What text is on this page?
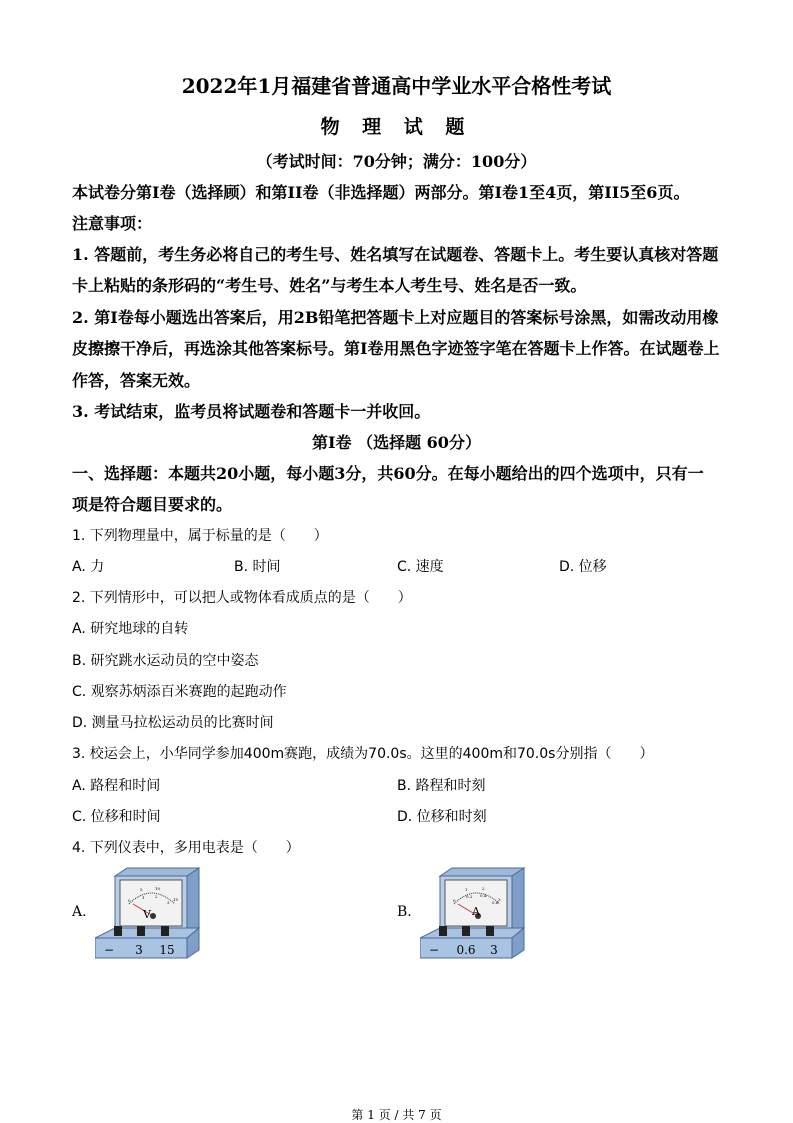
2022年1月福建省普通高中学业水平合格性考试
物 理 试 题
（考试时间：70分钟；满分：100分）
本试卷分第I卷（选择顾）和第II卷（非选择题）两部分。第I卷1至4页，第II5至6页。
注意事项：
1. 答题前，考生务必将自己的考生号、姓名填写在试题卷、答题卡上。考生要认真核对答题
卡上粘贴的条形码的“考生号、姓名”与考生本人考生号、姓名是否一致。
2. 第I卷每小题选出答案后，用2B铅笔把答题卡上对应题目的答案标号涂黑，如需改动用橡
皮擦擦干净后，再选涂其他答案标号。第I卷用黑色字迹签字笔在答题卡上作答。在试题卷上
作答，答案无效。
3. 考试结束，监考员将试题卷和答题卡一并收回。
第I卷 （选择题 60分）
一、选择题：本题共20小题，每小题3分，共60分。在每小题给出的四个选项中，只有一
项是符合题目要求的。
1. 下列物理量中，属于标量的是（　　）
A. 力	B. 时间	C. 速度	D. 位移
2. 下列情形中，可以把人或物体看成质点的是（　　）
A. 研究地球的自转
B. 研究跳水运动员的空中姿态
C. 观察苏炳添百米赛跑的起跑动作
D. 测量马拉松运动员的比赛时间
3. 校运会上，小华同学参加400m赛跑，成绩为70.0s。这里的400m和70.0s分别指（　　）
A. 路程和时间	B. 路程和时刻
C. 位移和时间	D. 位移和时刻
4. 下列仪表中，多用电表是（　　）
A.	B.
V
− 3 15
0
5	10
15
1	2
3
A
− 0.6 3
0
1	2
3
0.2 0.4
0.6
第 1 页 / 共 7 页
